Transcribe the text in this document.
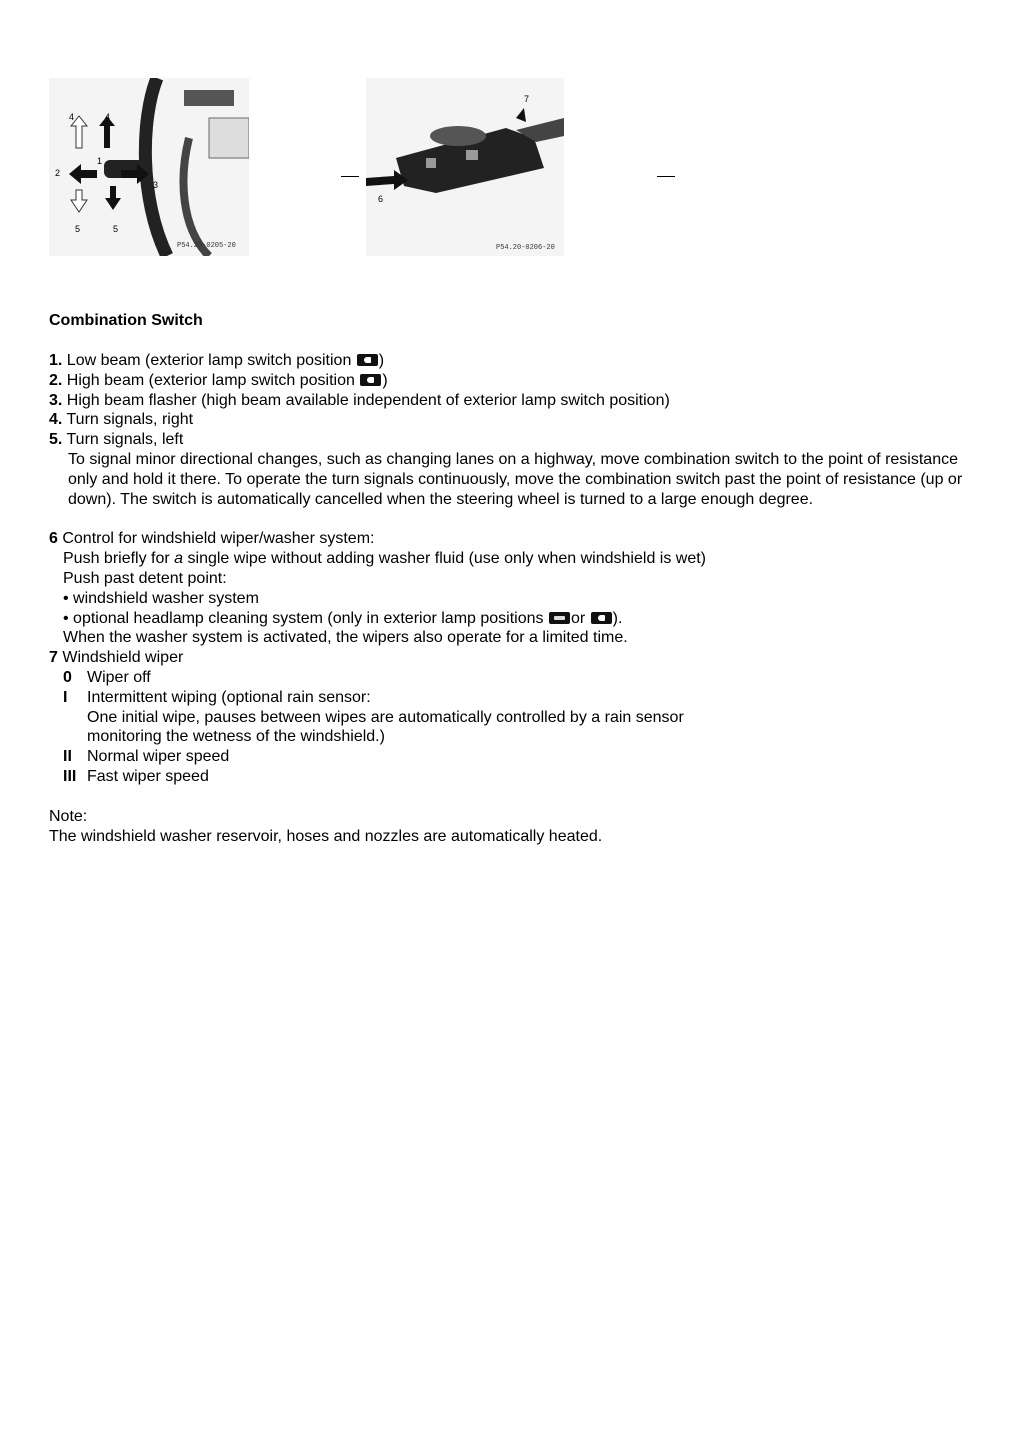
4	4
1
2
3
5	5
P54.25-0205-20
7
6
P54.20-0206-20
Combination Switch
1. Low beam (exterior lamp switch position )
2. High beam (exterior lamp switch position )
3. High beam flasher (high beam available independent of exterior lamp switch position)
4. Turn signals, right
5. Turn signals, left
To signal minor directional changes, such as changing lanes on a highway, move combination switch to the point of resistance only and hold it there. To operate the turn signals continuously, move the combination switch past the point of resistance (up or down). The switch is automatically cancelled when the steering wheel is turned to a large enough degree.
6 Control for windshield wiper/washer system:
Push briefly for a single wipe without adding washer fluid (use only when windshield is wet)
Push past detent point:
• windshield washer system
• optional headlamp cleaning system (only in exterior lamp positions or ).
When the washer system is activated, the wipers also operate for a limited time.
7 Windshield wiper
0 Wiper off
I	Intermittent wiping (optional rain sensor:
One initial wipe, pauses between wipes are automatically controlled by a rain sensor
monitoring the wetness of the windshield.)
II Normal wiper speed
III Fast wiper speed
Note:
The windshield washer reservoir, hoses and nozzles are automatically heated.
